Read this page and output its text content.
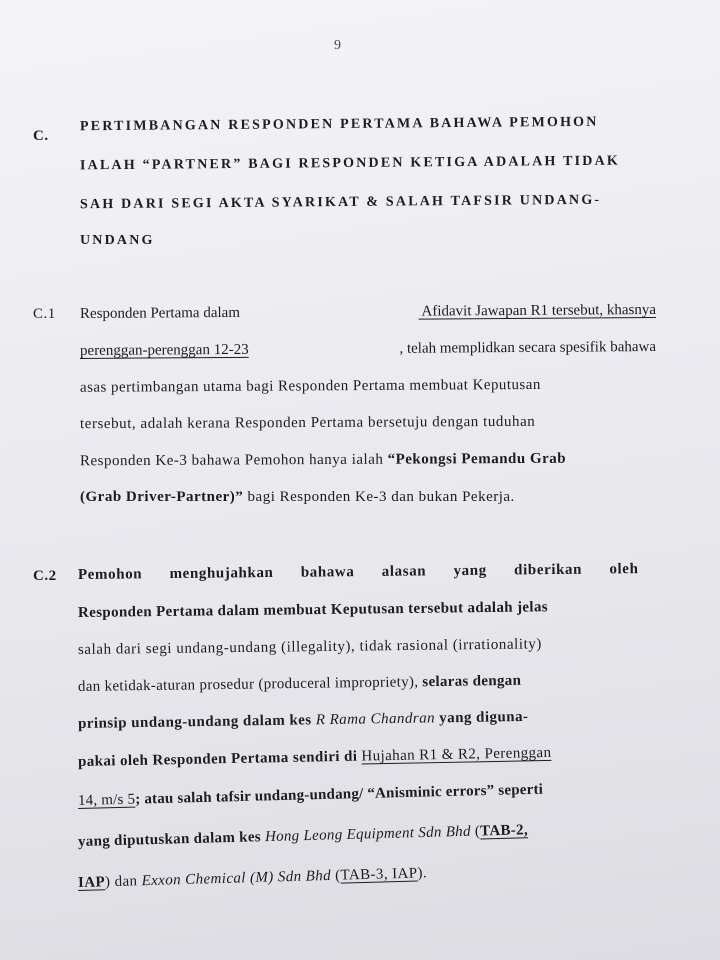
9
C.
PERTIMBANGAN RESPONDEN PERTAMA BAHAWA PEMOHON
IALAH “PARTNER” BAGI RESPONDEN KETIGA ADALAH TIDAK
SAH DARI SEGI AKTA SYARIKAT & SALAH TAFSIR UNDANG-
UNDANG
C.1 Responden Pertama dalam	Afidavit Jawapan R1 tersebut, khasnya
perenggan-perenggan 12-23	, telah memplidkan secara spesifik bahawa
asas pertimbangan utama bagi Responden Pertama membuat Keputusan
tersebut, adalah kerana Responden Pertama bersetuju dengan tuduhan
Responden Ke-3 bahawa Pemohon hanya ialah “Pekongsi Pemandu Grab
(Grab Driver-Partner)” bagi Responden Ke-3 dan bukan Pekerja.
C.2 Pemohon menghujahkan bahawa alasan yang diberikan oleh
Responden Pertama dalam membuat Keputusan tersebut adalah jelas
salah dari segi undang-undang (illegality), tidak rasional (irrationality)
dan ketidak-aturan prosedur (produceral impropriety), selaras dengan
prinsip undang-undang dalam kes R Rama Chandran yang diguna-
pakai oleh Responden Pertama sendiri di Hujahan R1 & R2, Perenggan
14, m/s 5; atau salah tafsir undang-undang/ “Anisminic errors” seperti
yang diputuskan dalam kes Hong Leong Equipment Sdn Bhd (TAB-2,
IAP) dan Exxon Chemical (M) Sdn Bhd (TAB-3, IAP).
